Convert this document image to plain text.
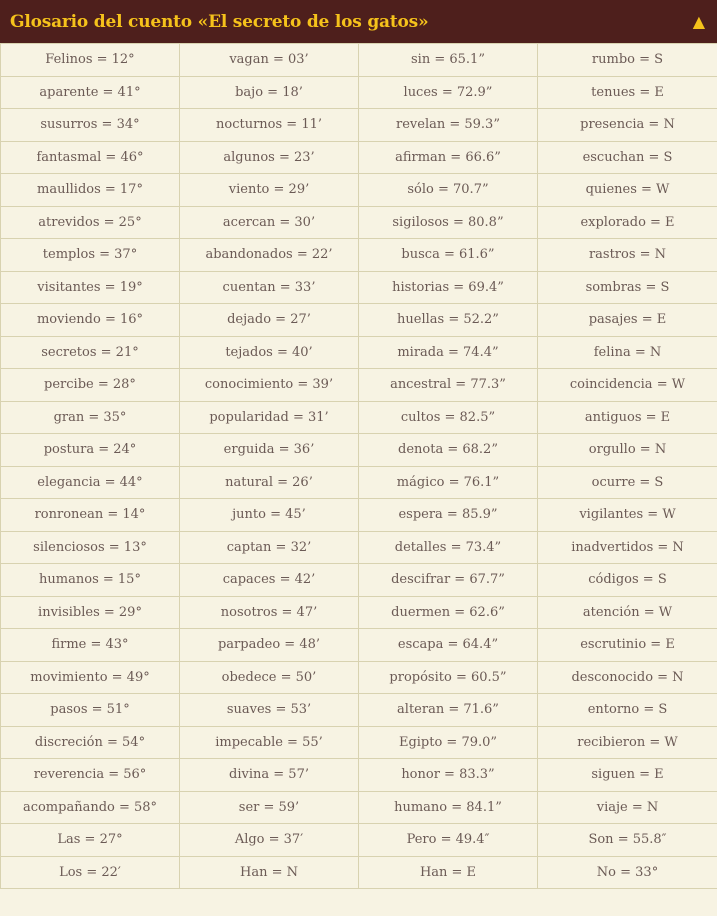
Glosario del cuento «El secreto de los gatos»	▲
Felinos = 12°	vagan = 03’	sin = 65.1”	rumbo = S
aparente = 41°	bajo = 18’	luces = 72.9”	tenues = E
susurros = 34°	nocturnos = 11’	revelan = 59.3”	presencia = N
fantasmal = 46°	algunos = 23’	afirman = 66.6”	escuchan = S
maullidos = 17°	viento = 29’	sólo = 70.7”	quienes = W
atrevidos = 25°	acercan = 30’	sigilosos = 80.8”	explorado = E
templos = 37°	abandonados = 22’	busca = 61.6”	rastros = N
visitantes = 19°	cuentan = 33’	historias = 69.4”	sombras = S
moviendo = 16°	dejado = 27’	huellas = 52.2”	pasajes = E
secretos = 21°	tejados = 40’	mirada = 74.4”	felina = N
percibe = 28°	conocimiento = 39’	ancestral = 77.3”	coincidencia = W
gran = 35°	popularidad = 31’	cultos = 82.5”	antiguos = E
postura = 24°	erguida = 36’	denota = 68.2”	orgullo = N
elegancia = 44°	natural = 26’	mágico = 76.1”	ocurre = S
ronronean = 14°	junto = 45’	espera = 85.9”	vigilantes = W
silenciosos = 13°	captan = 32’	detalles = 73.4”	inadvertidos = N
humanos = 15°	capaces = 42’	descifrar = 67.7”	códigos = S
invisibles = 29°	nosotros = 47’	duermen = 62.6”	atención = W
firme = 43°	parpadeo = 48’	escapa = 64.4”	escrutinio = E
movimiento = 49°	obedece = 50’	propósito = 60.5”	desconocido = N
pasos = 51°	suaves = 53’	alteran = 71.6”	entorno = S
discreción = 54°	impecable = 55’	Egipto = 79.0”	recibieron = W
reverencia = 56°	divina = 57’	honor = 83.3”	siguen = E
acompañando = 58°	ser = 59’	humano = 84.1”	viaje = N
Las = 27°	Algo = 37′	Pero = 49.4″	Son = 55.8″
Los = 22′	Han = N	Han = E	No = 33°
